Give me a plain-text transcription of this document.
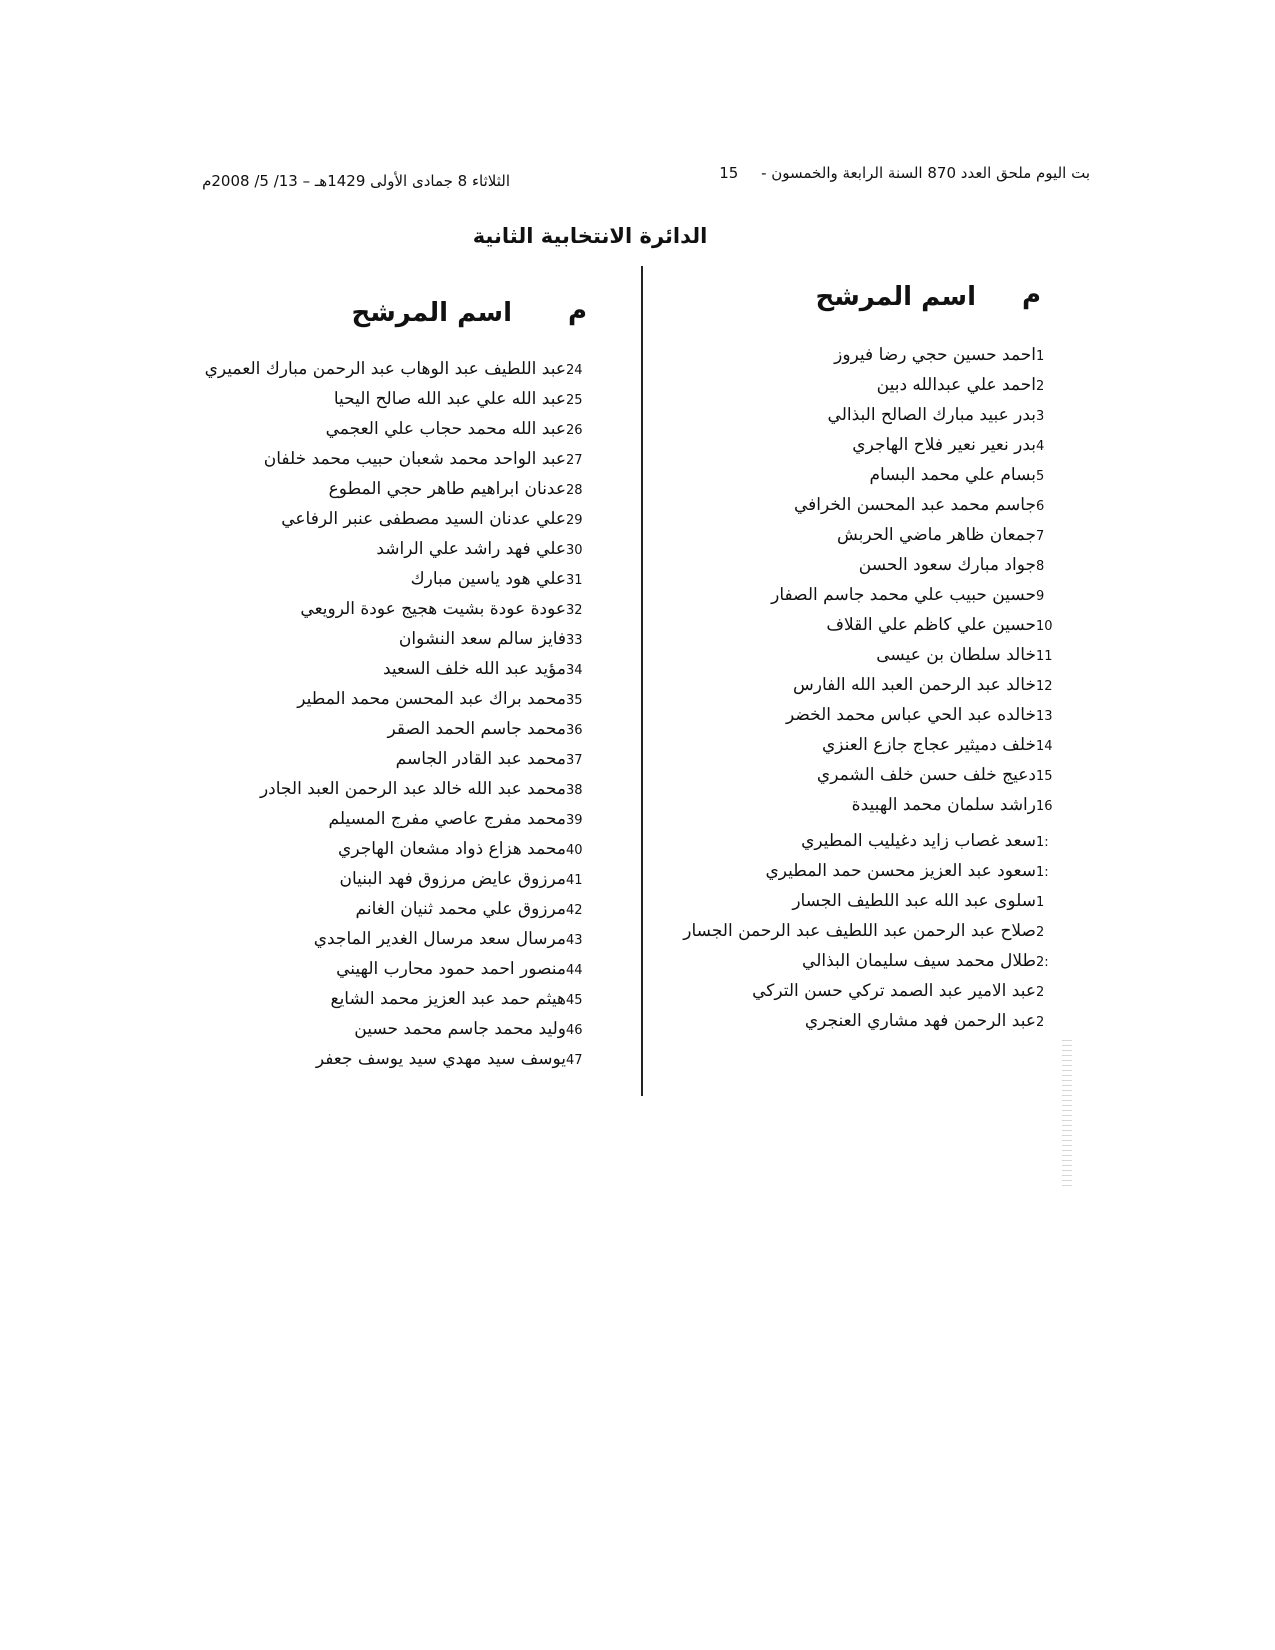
بت اليوم ملحق العدد 870 السنة الرابعة والخمسون - 15
الثلاثاء 8 جمادى الأولى 1429هـ – 13/ 5/ 2008م
الدائرة الانتخابية الثانية
م
اسم المرشح
م
اسم المرشح
1
احمد حسين حجي رضا فيروز
2
احمد علي عبدالله دبين
3
بدر عبيد مبارك الصالح البذالي
4
بدر نعير نعير فلاح الهاجري
5
بسام علي محمد البسام
6
جاسم محمد عبد المحسن الخرافي
7
جمعان ظاهر ماضي الحربش
8
جواد مبارك سعود الحسن
9
حسين حبيب علي محمد جاسم الصفار
10
حسين علي كاظم علي القلاف
11
خالد سلطان بن عيسى
12
خالد عبد الرحمن العبد الله الفارس
13
خالده عبد الحي عباس محمد الخضر
14
خلف دميثير عجاج جازع العنزي
15
دعيج خلف حسن خلف الشمري
16
راشد سلمان محمد الهبيدة
1:
سعد غصاب زايد دغيليب المطيري
1:
سعود عبد العزيز محسن حمد المطيري
1
سلوى عبد الله عبد اللطيف الجسار
2
صلاح عبد الرحمن عبد اللطيف عبد الرحمن الجسار
2:
طلال محمد سيف سليمان البذالي
2
عبد الامير عبد الصمد تركي حسن التركي
2
عبد الرحمن فهد مشاري العنجري
24
عبد اللطيف عبد الوهاب عبد الرحمن مبارك العميري
25
عبد الله علي عبد الله صالح اليحيا
26
عبد الله محمد حجاب علي العجمي
27
عبد الواحد محمد شعبان حبيب محمد خلفان
28
عدنان ابراهيم طاهر حجي المطوع
29
علي عدنان السيد مصطفى عنبر الرفاعي
30
علي فهد راشد علي الراشد
31
علي هود ياسين مبارك
32
عودة عودة بشيت هجيج عودة الرويعي
33
فايز سالم سعد النشوان
34
مؤيد عبد الله خلف السعيد
35
محمد براك عبد المحسن محمد المطير
36
محمد جاسم الحمد الصقر
37
محمد عبد القادر الجاسم
38
محمد عبد الله خالد عبد الرحمن العبد الجادر
39
محمد مفرج عاصي مفرج المسيلم
40
محمد هزاع ذواد مشعان الهاجري
41
مرزوق عايض مرزوق فهد البنيان
42
مرزوق علي محمد ثنيان الغانم
43
مرسال سعد مرسال الغدير الماجدي
44
منصور احمد حمود محارب الهيني
45
هيثم حمد عبد العزيز محمد الشايع
46
وليد محمد جاسم محمد حسين
47
يوسف سيد مهدي سيد يوسف جعفر
